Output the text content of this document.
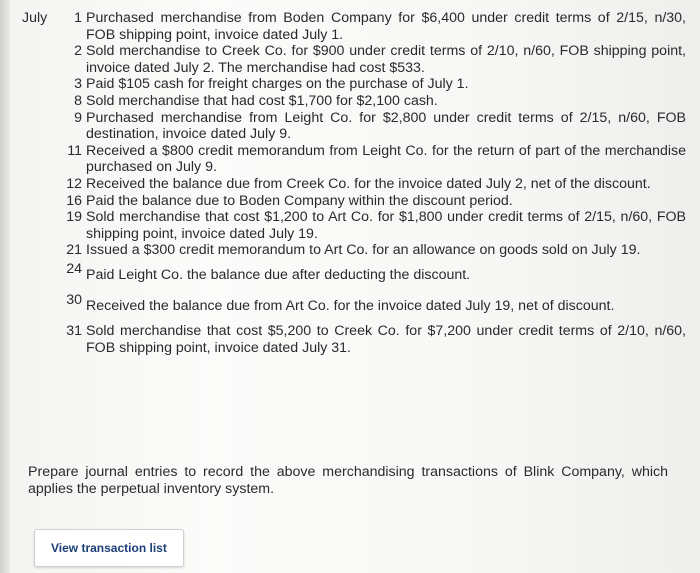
July	1 Purchased merchandise from Boden Company for $6,400 under credit terms of 2/15, n/30, FOB shipping point, invoice dated July 1.
2 Sold merchandise to Creek Co. for $900 under credit terms of 2/10, n/60, FOB shipping point, invoice dated July 2. The merchandise had cost $533.
3 Paid $105 cash for freight charges on the purchase of July 1.
8 Sold merchandise that had cost $1,700 for $2,100 cash.
9 Purchased merchandise from Leight Co. for $2,800 under credit terms of 2/15, n/60, FOB destination, invoice dated July 9.
11 Received a $800 credit memorandum from Leight Co. for the return of part of the merchandise purchased on July 9.
12 Received the balance due from Creek Co. for the invoice dated July 2, net of the discount.
16 Paid the balance due to Boden Company within the discount period.
19 Sold merchandise that cost $1,200 to Art Co. for $1,800 under credit terms of 2/15, n/60, FOB shipping point, invoice dated July 19.
21 Issued a $300 credit memorandum to Art Co. for an allowance on goods sold on July 19.
24 Paid Leight Co. the balance due after deducting the discount.
30 Received the balance due from Art Co. for the invoice dated July 19, net of discount.
31 Sold merchandise that cost $5,200 to Creek Co. for $7,200 under credit terms of 2/10, n/60, FOB shipping point, invoice dated July 31.
Prepare journal entries to record the above merchandising transactions of Blink Company, which applies the perpetual inventory system.
View transaction list
